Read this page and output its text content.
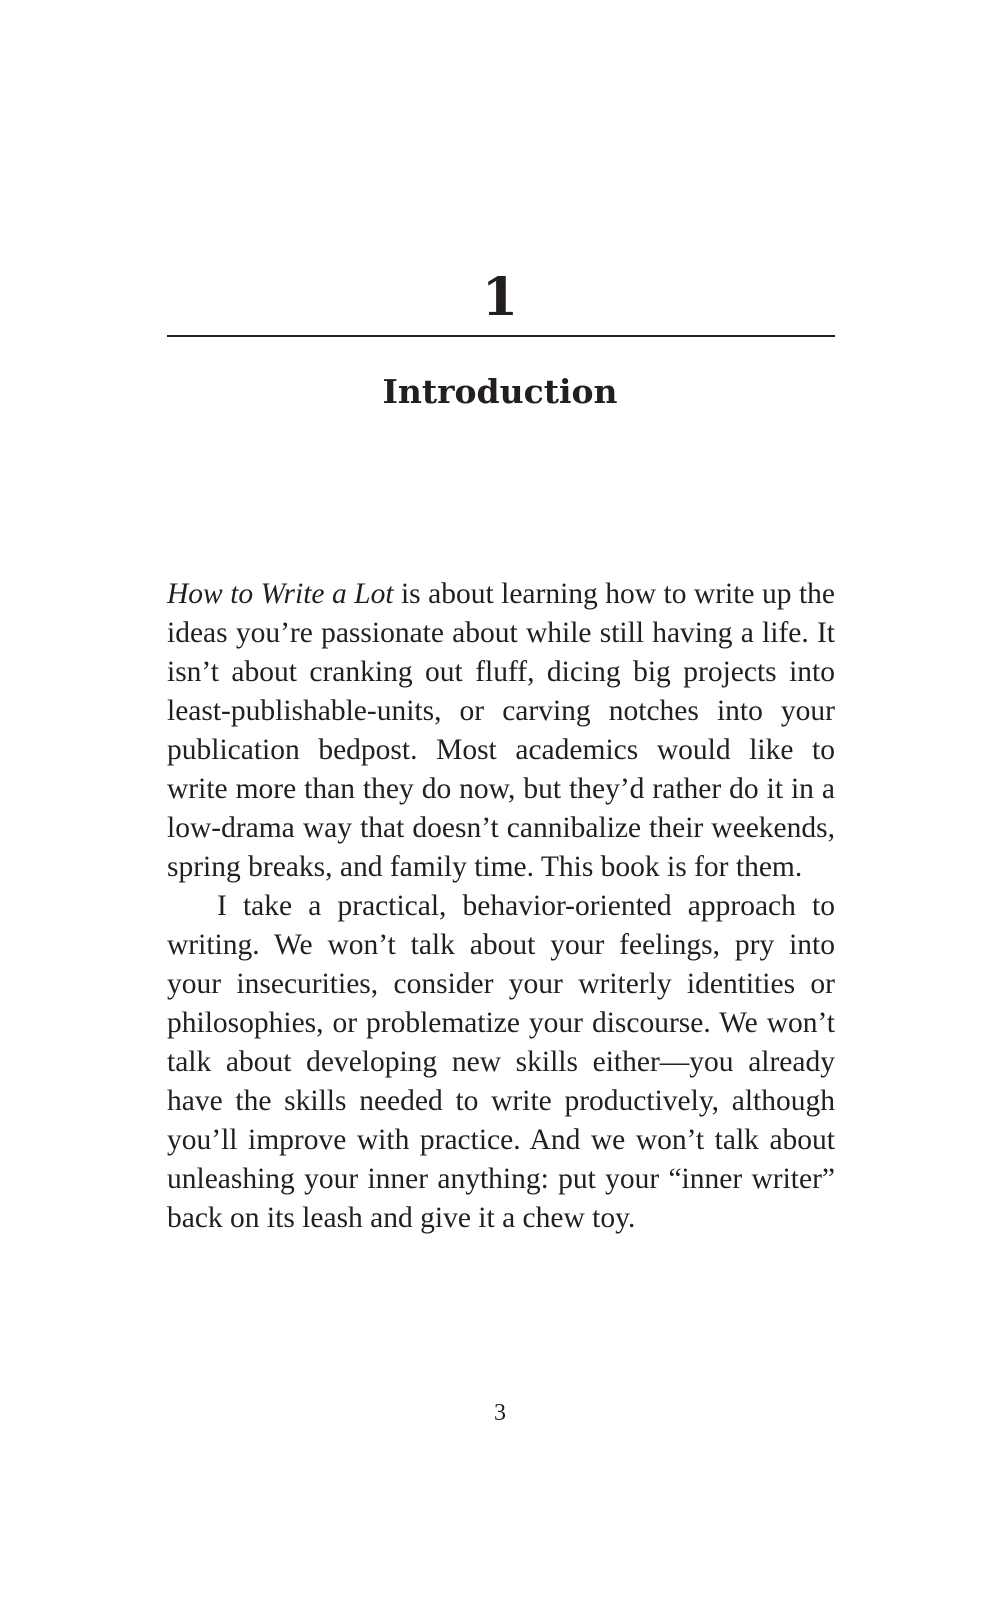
1
Introduction

How to Write a Lot is about learning how to write up the ideas you’re passionate about while still having a life. It isn’t about cranking out fluff, dicing big projects into least-publishable-units, or carving notches into your publication bedpost. Most academics would like to write more than they do now, but they’d rather do it in a low-drama way that doesn’t cannibalize their weekends, spring breaks, and family time. This book is for them.

I take a practical, behavior-oriented approach to writing. We won’t talk about your feelings, pry into your insecurities, consider your writerly identities or philosophies, or problematize your discourse. We won’t talk about developing new skills either—you already have the skills needed to write productively, although you’ll improve with practice. And we won’t talk about unleashing your inner anything: put your “inner writer” back on its leash and give it a chew toy.

3
